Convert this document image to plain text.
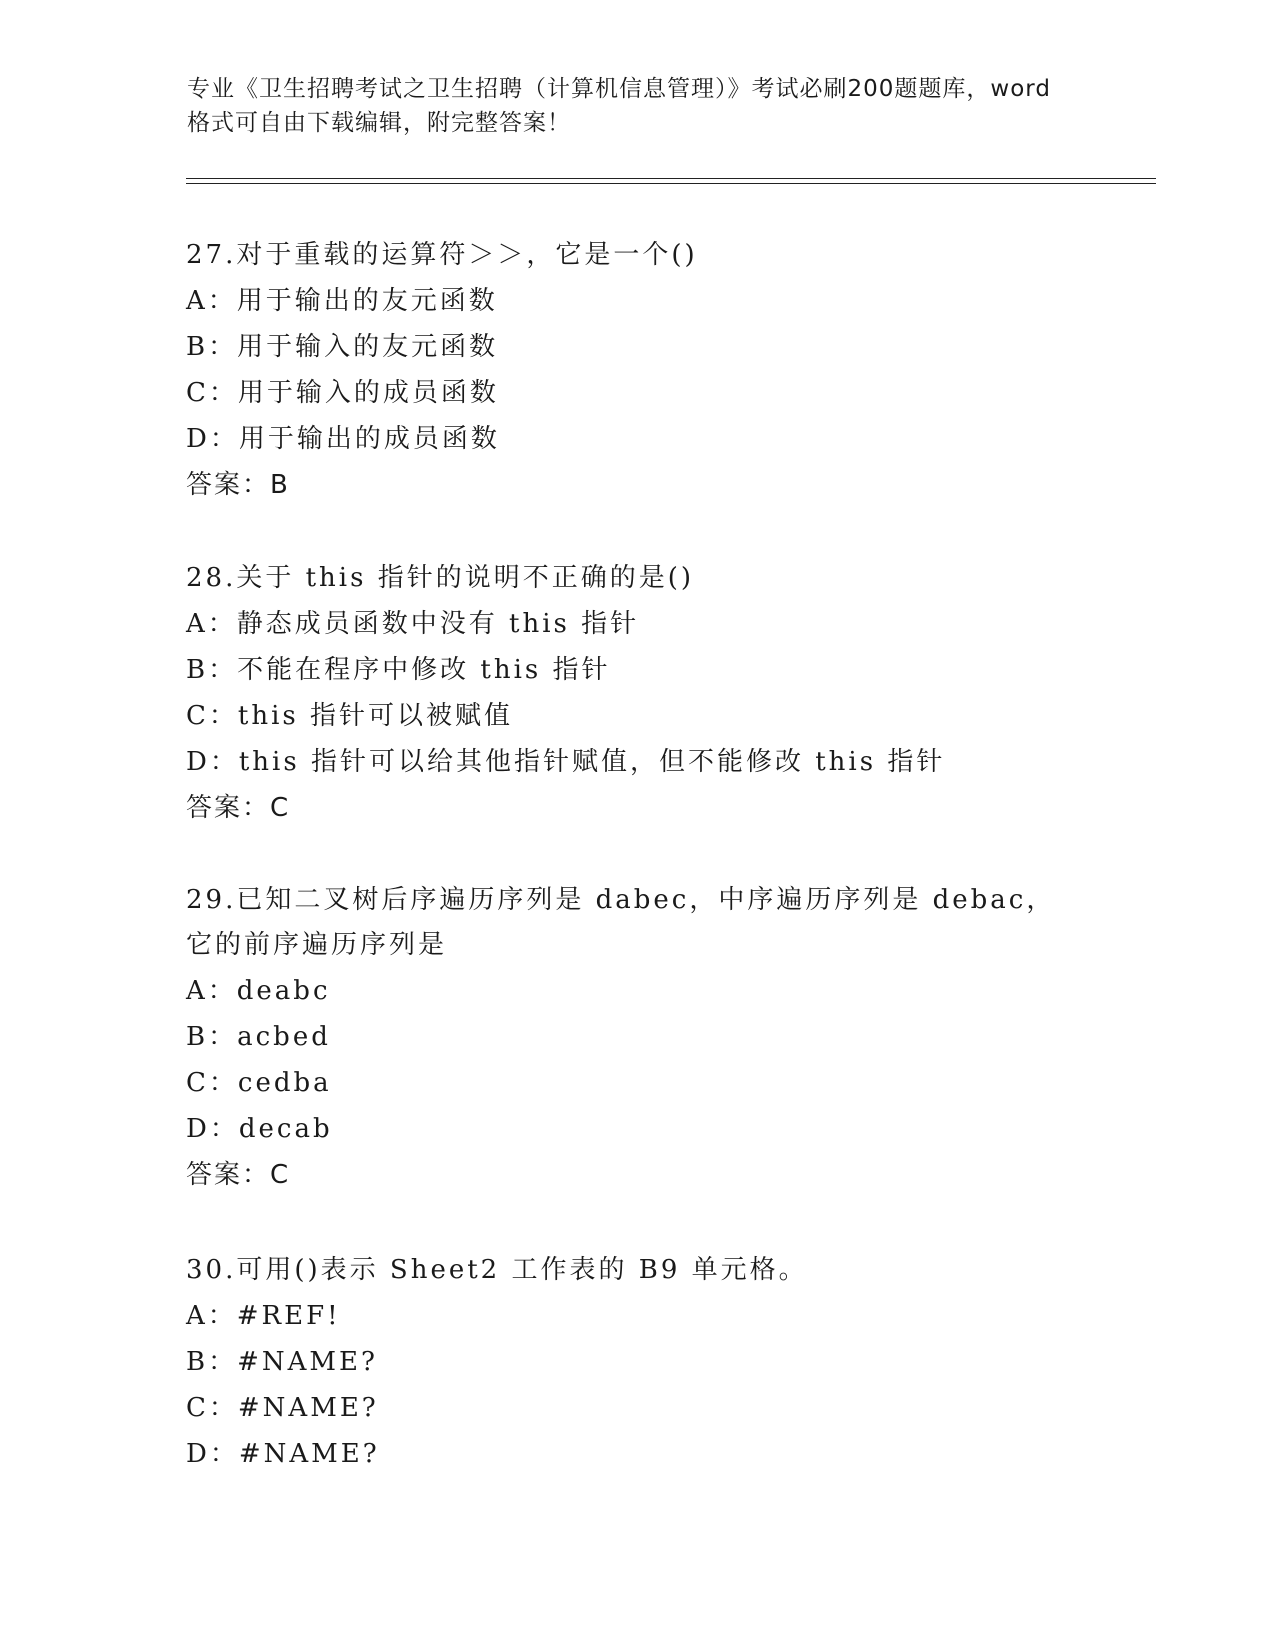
专业《卫生招聘考试之卫生招聘（计算机信息管理）》考试必刷200题题库，word
格式可自由下载编辑，附完整答案！
27.对于重载的运算符＞＞，它是一个()
A：用于输出的友元函数
B：用于输入的友元函数
C：用于输入的成员函数
D：用于输出的成员函数
答案：B
28.关于 this 指针的说明不正确的是()
A：静态成员函数中没有 this 指针
B：不能在程序中修改 this 指针
C：this 指针可以被赋值
D：this 指针可以给其他指针赋值，但不能修改 this 指针
答案：C
29.已知二叉树后序遍历序列是 dabec，中序遍历序列是 debac，它的前序遍历序列是
A：deabc
B：acbed
C：cedba
D：decab
答案：C
30.可用()表示 Sheet2 工作表的 B9 单元格。
A：#REF!
B：#NAME?
C：#NAME?
D：#NAME?
